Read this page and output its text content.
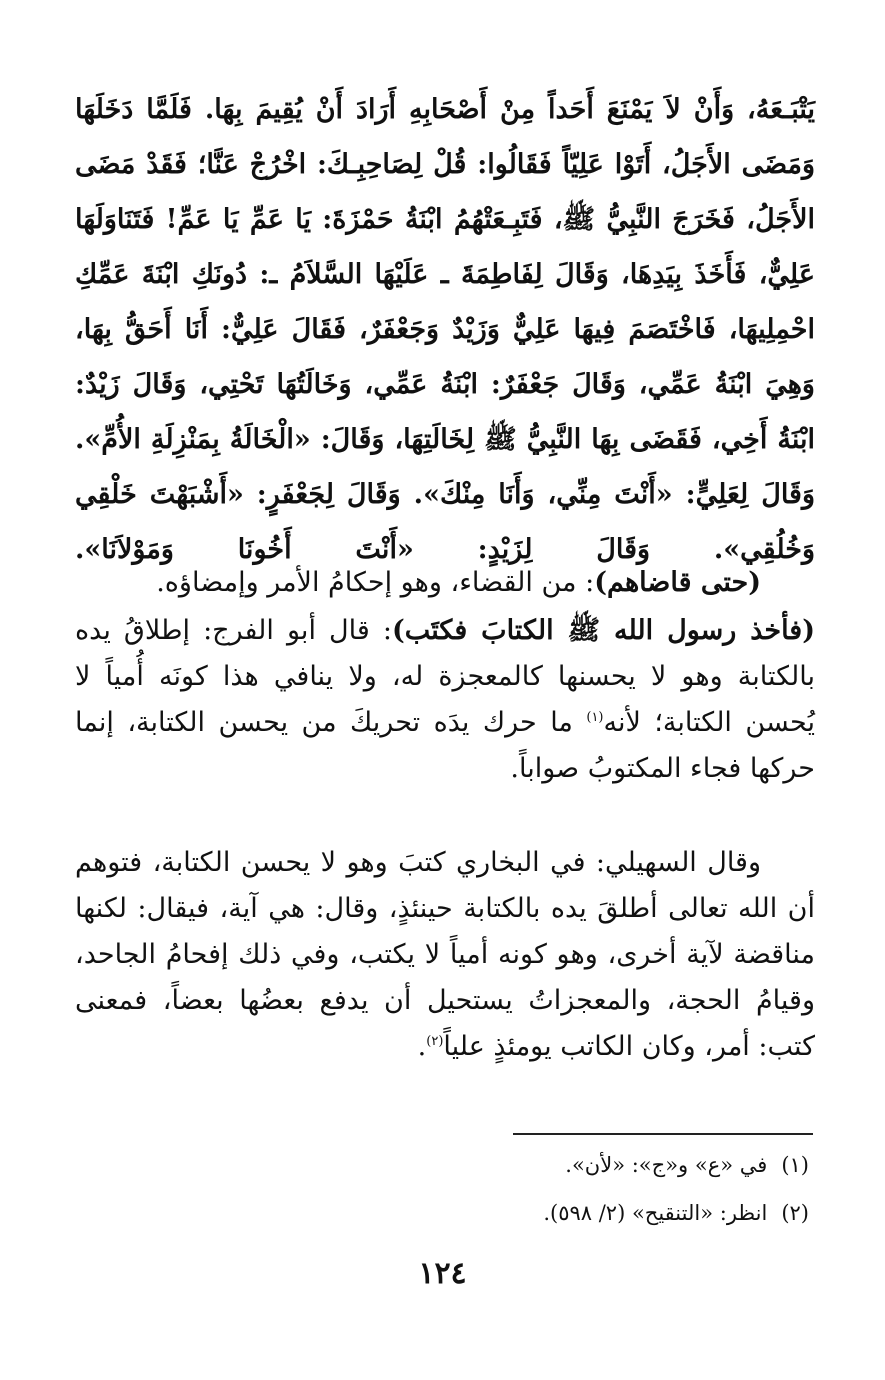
يَتْبَـعَهُ، وَأَنْ لاَ يَمْنَعَ أَحَداً مِنْ أَصْحَابِهِ أَرَادَ أَنْ يُقِيمَ بِهَا. فَلَمَّا دَخَلَهَا وَمَضَى الأَجَلُ، أَتَوْا عَلِيّاً فَقَالُوا: قُلْ لِصَاحِبِـكَ: اخْرُجْ عَنَّا؛ فَقَدْ مَضَى الأَجَلُ، فَخَرَجَ النَّبِيُّ ﷺ، فَتَبِـعَتْهُمُ ابْنَةُ حَمْزَةَ: يَا عَمِّ يَا عَمِّ! فَتَنَاوَلَهَا عَلِيٌّ، فَأَخَذَ بِيَدِهَا، وَقَالَ لِفَاطِمَةَ ـ عَلَيْهَا السَّلاَمُ ـ: دُونَكِ ابْنَةَ عَمِّكِ احْمِلِيهَا، فَاخْتَصَمَ فِيهَا عَلِيٌّ وَزَيْدٌ وَجَعْفَرٌ، فَقَالَ عَلِيٌّ: أَنَا أَحَقُّ بِهَا، وَهِيَ ابْنَةُ عَمِّي، وَقَالَ جَعْفَرٌ: ابْنَةُ عَمِّي، وَخَالَتُهَا تَحْتِي، وَقَالَ زَيْدٌ: ابْنَةُ أَخِي، فَقَضَى بِهَا النَّبِيُّ ﷺ لِخَالَتِهَا، وَقَالَ: «الْخَالَةُ بِمَنْزِلَةِ الأُمِّ». وَقَالَ لِعَلِيٍّ: «أَنْتَ مِنِّي، وَأَنَا مِنْكَ». وَقَالَ لِجَعْفَرٍ: «أَشْبَهْتَ خَلْقِي وَخُلُقِي». وَقَالَ لِزَيْدٍ: «أَنْتَ أَخُونَا وَمَوْلاَنَا».

  (حتى قاضاهم): من القضاء، وهو إحكامُ الأمر وإمضاؤه.

(فأخذ رسول الله ﷺ الكتابَ فكتَب): قال أبو الفرج: إطلاقُ يده بالكتابة وهو لا يحسنها كالمعجزة له، ولا ينافي هذا كونَه أُمياً لا يُحسن الكتابة؛ لأنه$^{(١)}$ ما حرك يدَه تحريكَ من يحسن الكتابة، إنما حركها فجاء المكتوبُ صواباً.

  وقال السهيلي: في البخاري كتبَ وهو لا يحسن الكتابة، فتوهم أن الله تعالى أطلقَ يده بالكتابة حينئذٍ، وقال: هي آية، فيقال: لكنها مناقضة لآية أخرى، وهو كونه أمياً لا يكتب، وفي ذلك إفحامُ الجاحد، وقيامُ الحجة، والمعجزاتُ يستحيل أن يدفع بعضُها بعضاً، فمعنى كتب: أمر، وكان الكاتب يومئذٍ علياً$^{(٢)}$.

(١)في «ع» و«ج»: «لأن».
(٢)انظر: «التنقيح» (٢/ ٥٩٨).
١٢٤
